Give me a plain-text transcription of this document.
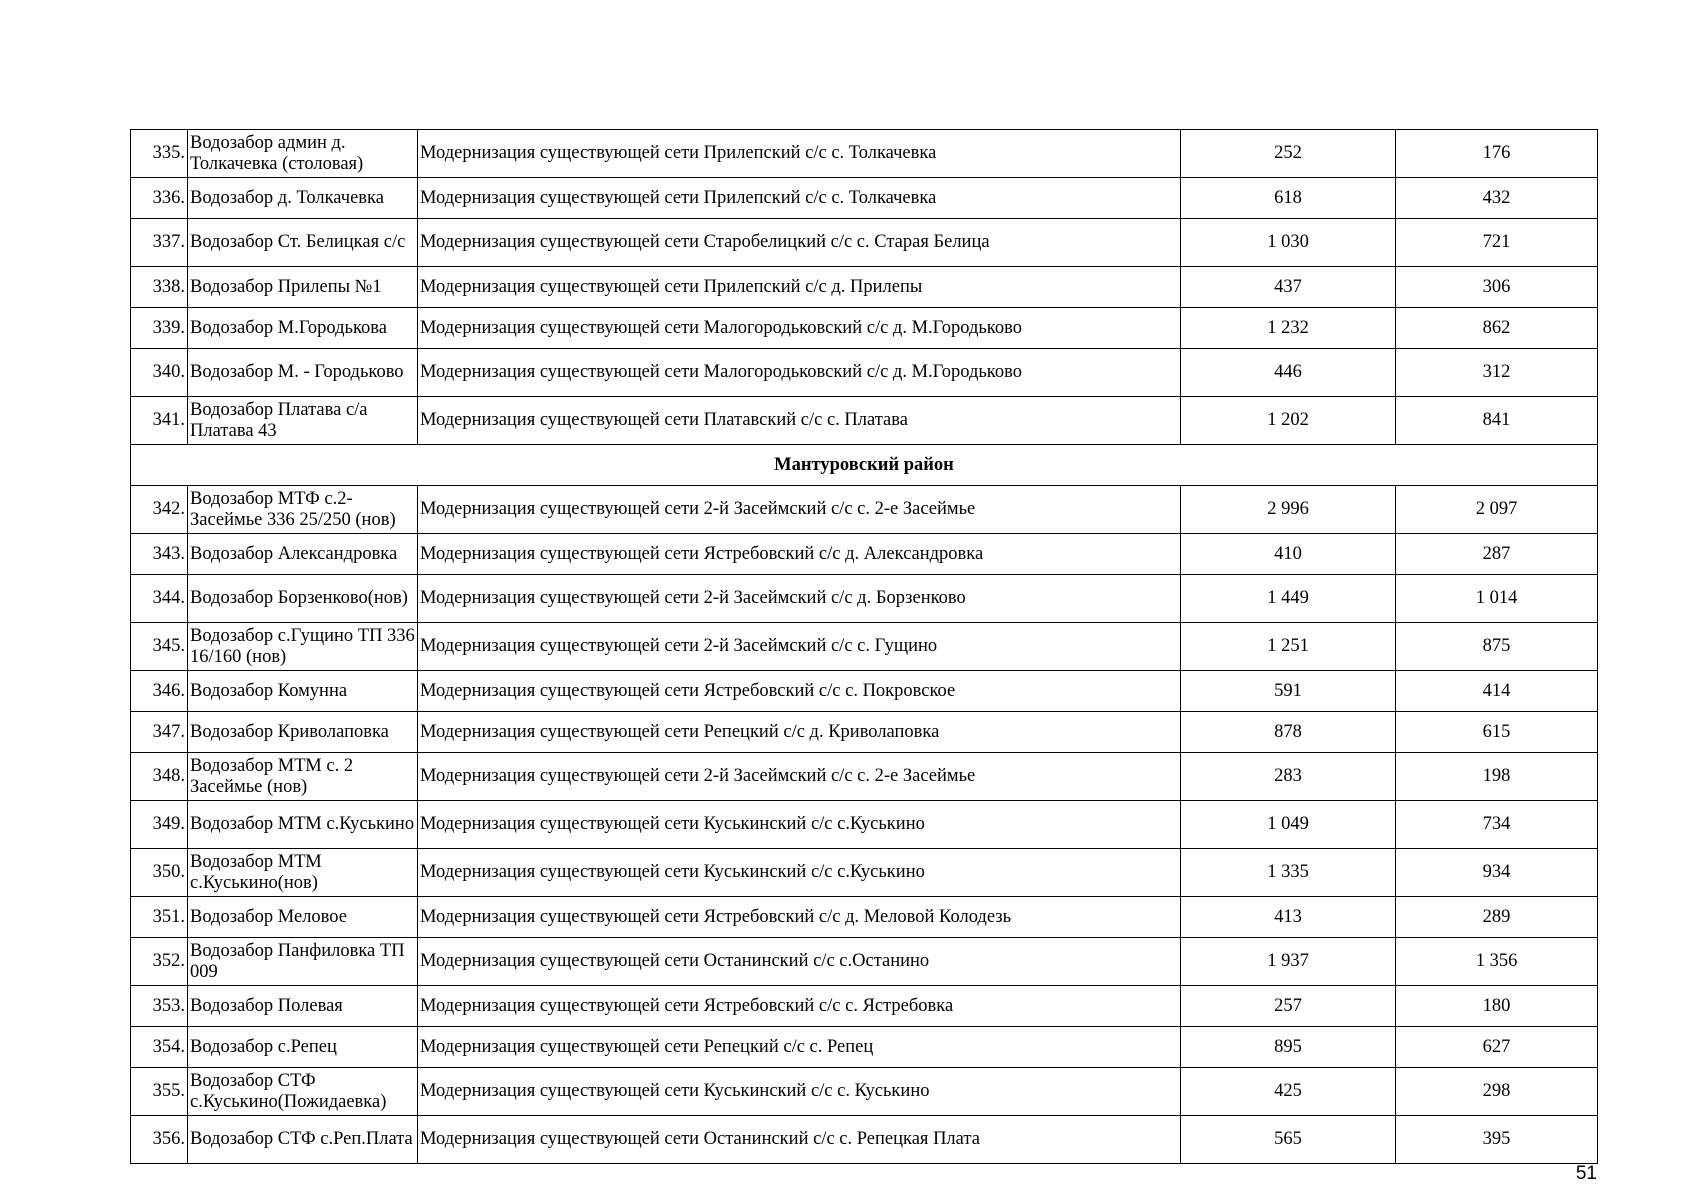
335.	Водозабор админ д. Толкачевка (столовая)	Модернизация существующей сети Прилепский с/с с. Толкачевка	252	176
336.	Водозабор д. Толкачевка	Модернизация существующей сети Прилепский с/с с. Толкачевка	618	432
337.	Водозабор Ст. Белицкая с/с	Модернизация существующей сети Старобелицкий с/с с. Старая Белица	1 030	721
338.	Водозабор Прилепы №1	Модернизация существующей сети Прилепский с/с д. Прилепы	437	306
339.	Водозабор М.Городькова	Модернизация существующей сети Малогородьковский с/с д. М.Городьково	1 232	862
340.	Водозабор М. - Городьково	Модернизация существующей сети Малогородьковский с/с д. М.Городьково	446	312
341.	Водозабор Платава с/а Платава 43	Модернизация существующей сети Платавский с/с с. Платава	1 202	841
Мантуровский район				
342.	Водозабор МТФ с.2-Засеймье 336 25/250 (нов)	Модернизация существующей сети 2-й Засеймский с/с с. 2-е Засеймье	2 996	2 097
343.	Водозабор Александровка	Модернизация существующей сети Ястребовский с/с д. Александровка	410	287
344.	Водозабор Борзенково(нов)	Модернизация существующей сети 2-й Засеймский с/с д. Борзенково	1 449	1 014
345.	Водозабор с.Гущино ТП 336 16/160 (нов)	Модернизация существующей сети 2-й Засеймский с/с с. Гущино	1 251	875
346.	Водозабор Комунна	Модернизация существующей сети Ястребовский с/с с. Покровское	591	414
347.	Водозабор Криволаповка	Модернизация существующей сети Репецкий с/с д. Криволаповка	878	615
348.	Водозабор МТМ с. 2 Засеймье (нов)	Модернизация существующей сети 2-й Засеймский с/с с. 2-е Засеймье	283	198
349.	Водозабор МТМ с.Куськино	Модернизация существующей сети Куськинский с/с с.Куськино	1 049	734
350.	Водозабор МТМ с.Куськино(нов)	Модернизация существующей сети Куськинский с/с с.Куськино	1 335	934
351.	Водозабор Меловое	Модернизация существующей сети Ястребовский с/с д. Меловой Колодезь	413	289
352.	Водозабор Панфиловка ТП 009	Модернизация существующей сети Останинский с/с с.Останино	1 937	1 356
353.	Водозабор Полевая	Модернизация существующей сети Ястребовский с/с с. Ястребовка	257	180
354.	Водозабор с.Репец	Модернизация существующей сети Репецкий с/с с. Репец	895	627
355.	Водозабор СТФ с.Куськино(Пожидаевка)	Модернизация существующей сети Куськинский с/с с. Куськино	425	298
356.	Водозабор СТФ с.Реп.Плата	Модернизация существующей сети Останинский с/с с. Репецкая Плата	565	395
51
